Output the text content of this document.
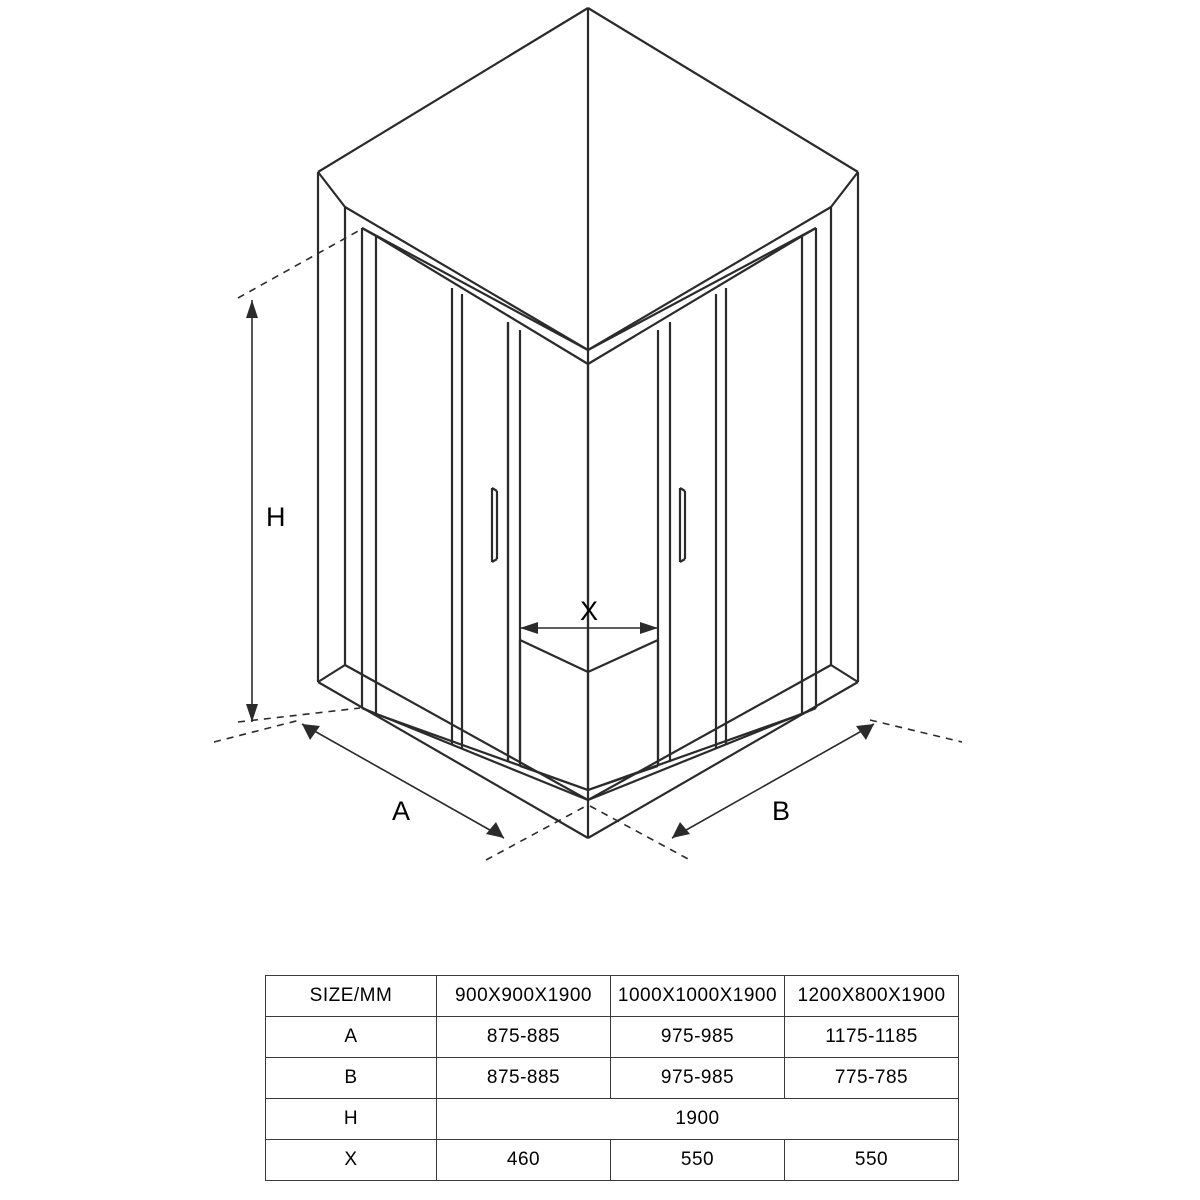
H
A	B
X
SIZE/MM	900X900X1900	1000X1000X1900	1200X800X1900
A	875-885	975-985	1175-1185
B	875-885	975-985	775-785
H	1900		
X	460	550	550
